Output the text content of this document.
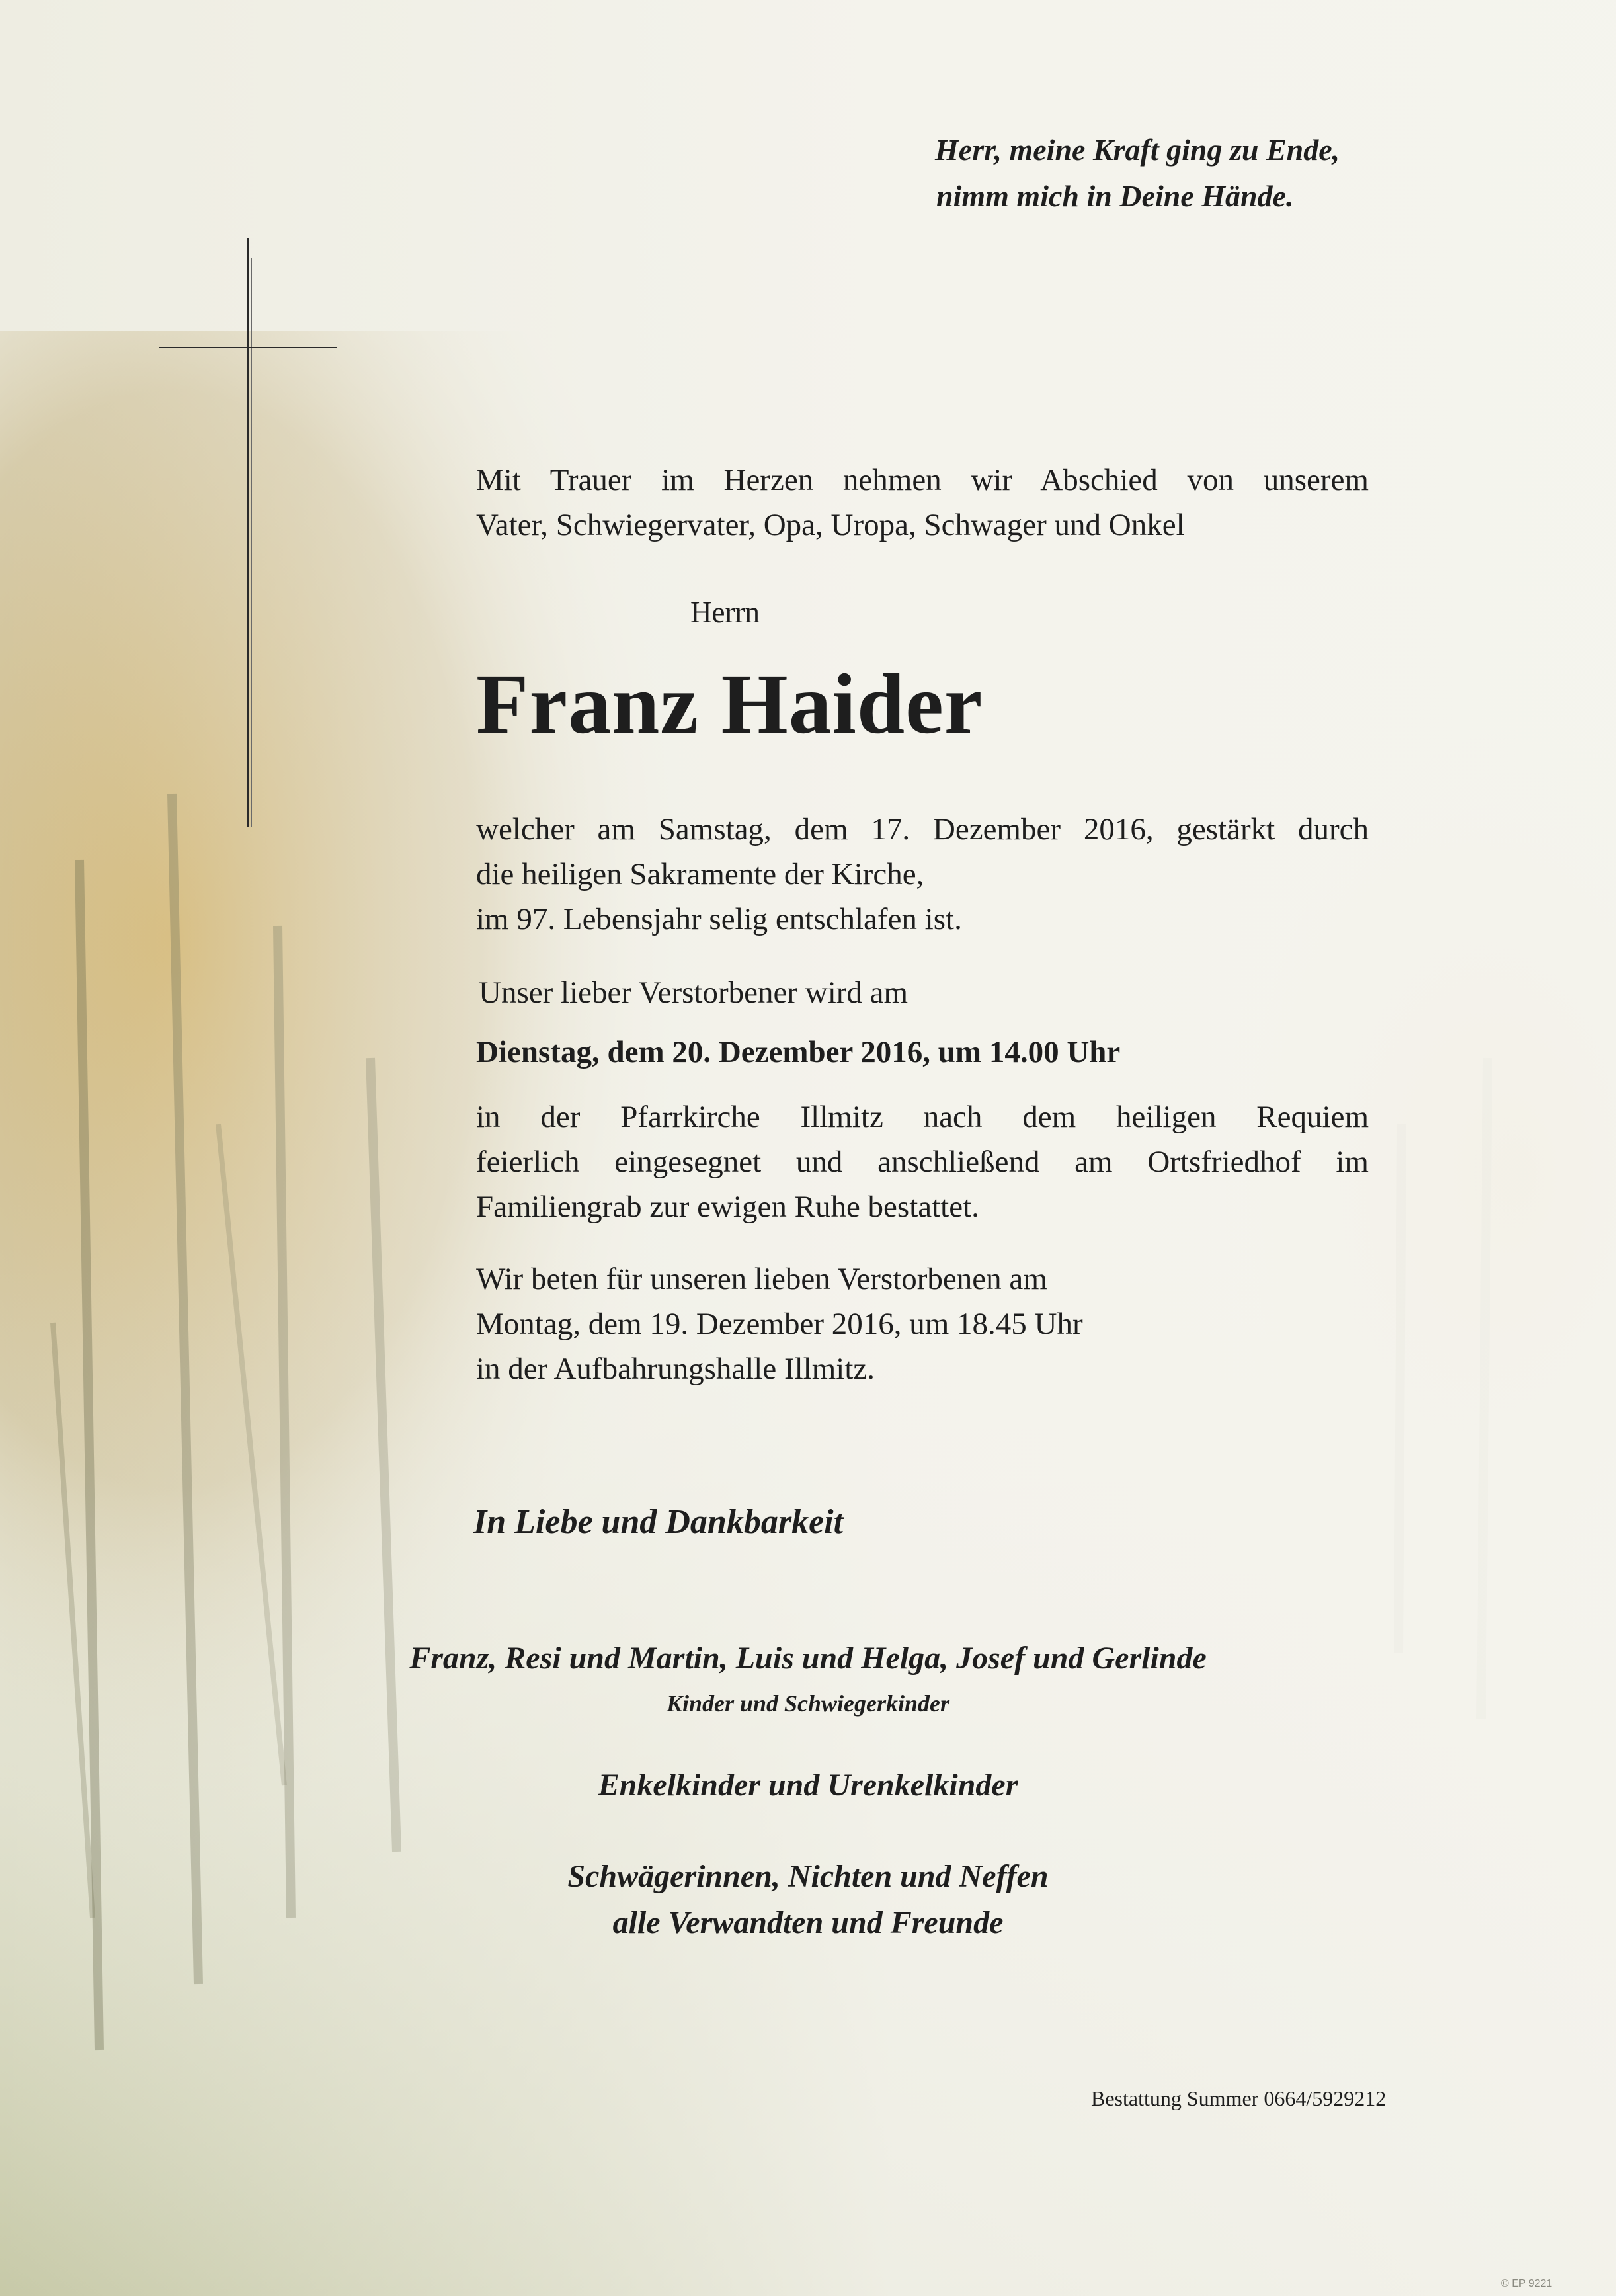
Herr, meine Kraft ging zu Ende,
nimm mich in Deine Hände.
Mit Trauer im Herzen nehmen wir Abschied von unserem
Vater, Schwiegervater, Opa, Uropa, Schwager und Onkel

Herrn

Franz Haider
welcher am Samstag, dem 17. Dezember 2016, gestärkt durch
die heiligen Sakramente der Kirche,
im 97. Lebensjahr selig entschlafen ist.

Unser lieber Verstorbener wird am

Dienstag, dem 20. Dezember 2016, um 14.00 Uhr

in der Pfarrkirche Illmitz nach dem heiligen Requiem
feierlich eingesegnet und anschließend am Ortsfriedhof im
Familiengrab zur ewigen Ruhe bestattet.
Wir beten für unseren lieben Verstorbenen am
Montag, dem 19. Dezember 2016, um 18.45 Uhr
in der Aufbahrungshalle Illmitz.

In Liebe und Dankbarkeit

Franz, Resi und Martin, Luis und Helga, Josef und Gerlinde

Kinder und Schwiegerkinder

Enkelkinder und Urenkelkinder

Schwägerinnen, Nichten und Neffen

alle Verwandten und Freunde

Bestattung Summer 0664/5929212

© EP 9221
